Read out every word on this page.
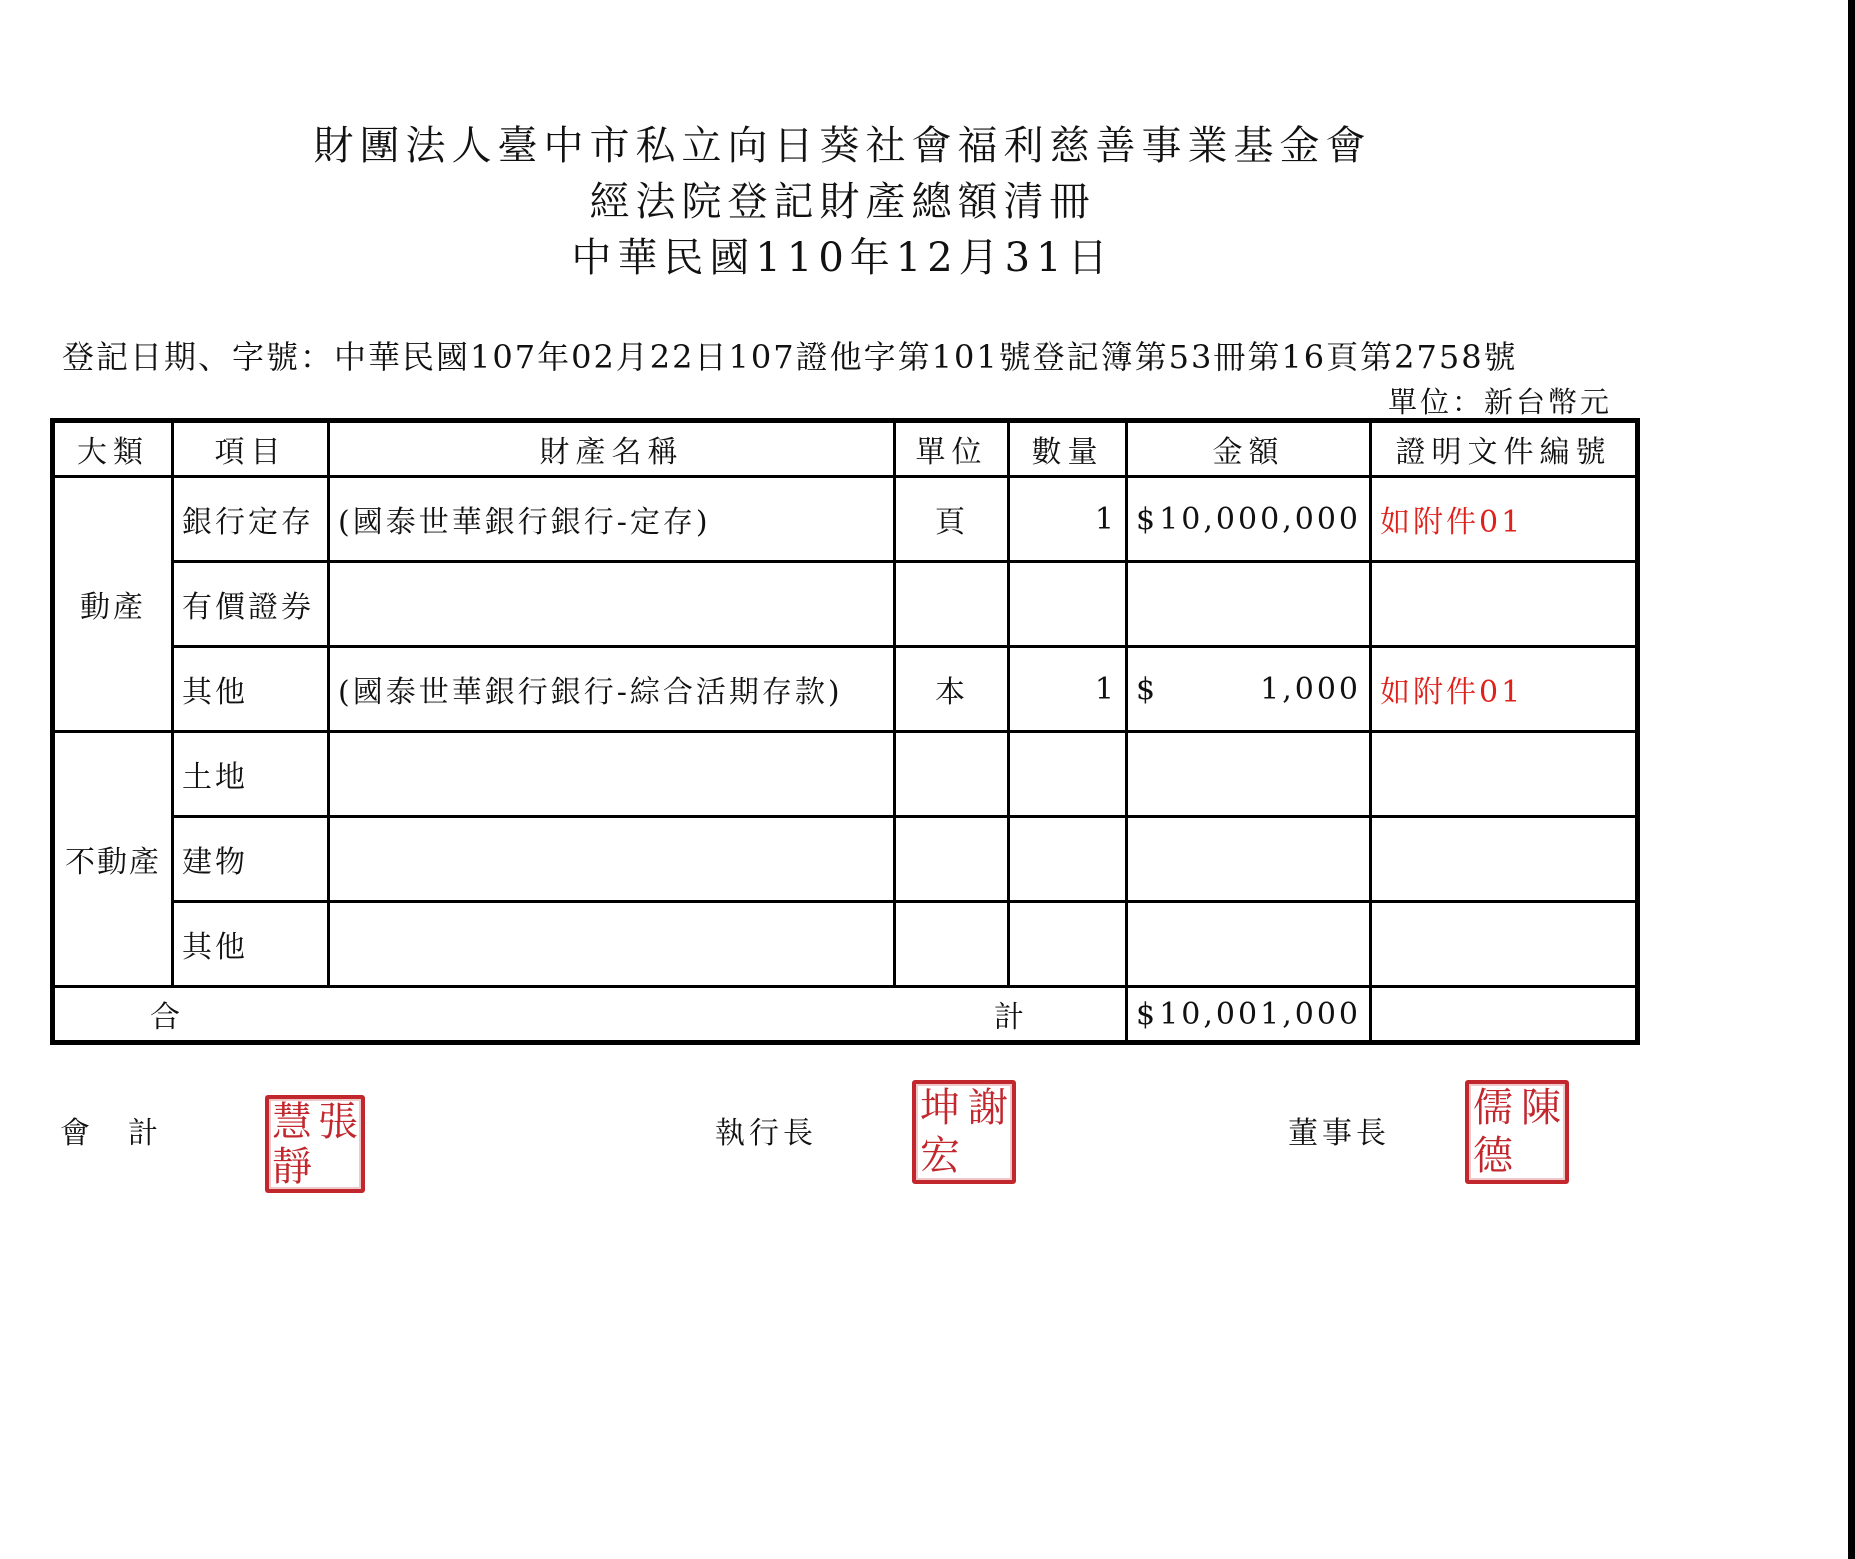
財團法人臺中市私立向日葵社會福利慈善事業基金會
經法院登記財產總額清冊
中華民國110年12月31日
登記日期、字號：中華民國107年02月22日107證他字第101號登記簿第53冊第16頁第2758號
單位：新台幣元
大類	項目	財產名稱	單位	數量	金額	證明文件編號
動產	銀行定存	(國泰世華銀行銀行-定存)	頁	1	$ 10,000,000	如附件01
	有價證券				

	其他	(國泰世華銀行銀行-綜合活期存款)	本	1	$ 1,000	如附件01
不動產	土地				

	建物				

	其他				

合 計					$ 10,001,000	

會　計	慧 張
靜
執行長
坤 謝
宏	董事長
儒 陳
德
